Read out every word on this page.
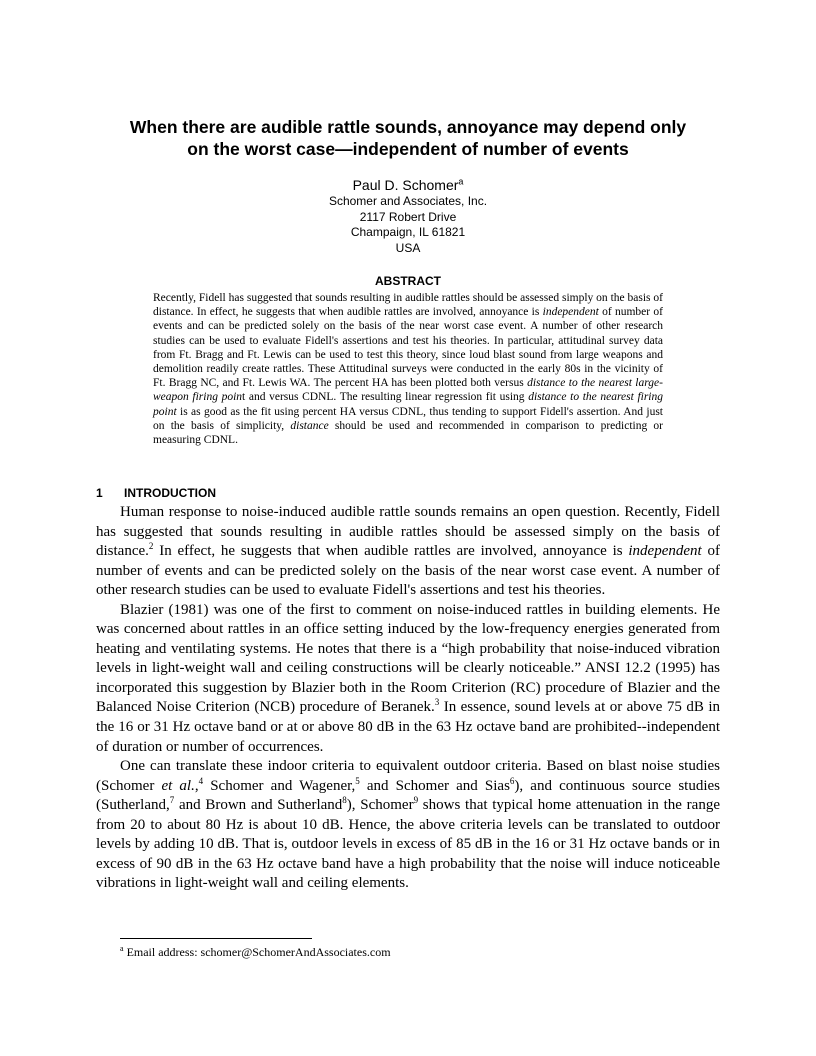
When there are audible rattle sounds, annoyance may depend only
on the worst case—independent of number of events

Paul D. Schomer$^a$

Schomer and Associates, Inc.

2117 Robert Drive

Champaign, IL 61821

USA

ABSTRACT

Recently, Fidell has suggested that sounds resulting in audible rattles should be assessed simply on the basis of distance. In effect, he suggests that when audible rattles are involved, annoyance is independent of number of events and can be predicted solely on the basis of the near worst case event. A number of other research studies can be used to evaluate Fidell's assertions and test his theories. In particular, attitudinal survey data from Ft. Bragg and Ft. Lewis can be used to test this theory, since loud blast sound from large weapons and demolition readily create rattles. These Attitudinal surveys were conducted in the early 80s in the vicinity of Ft. Bragg NC, and Ft. Lewis WA. The percent HA has been plotted both versus distance to the nearest large-weapon firing point and versus CDNL. The resulting linear regression fit using distance to the nearest firing point is as good as the fit using percent HA versus CDNL, thus tending to support Fidell's assertion. And just on the basis of simplicity, distance should be used and recommended in comparison to predicting or measuring CDNL.

1 INTRODUCTION

Human response to noise-induced audible rattle sounds remains an open question. Recently, Fidell has suggested that sounds resulting in audible rattles should be assessed simply on the basis of distance.$^2$ In effect, he suggests that when audible rattles are involved, annoyance is independent of number of events and can be predicted solely on the basis of the near worst case event. A number of other research studies can be used to evaluate Fidell's assertions and test his theories.

Blazier (1981) was one of the first to comment on noise-induced rattles in building elements. He was concerned about rattles in an office setting induced by the low-frequency energies generated from heating and ventilating systems. He notes that there is a “high probability that noise-induced vibration levels in light-weight wall and ceiling constructions will be clearly noticeable.” ANSI 12.2 (1995) has incorporated this suggestion by Blazier both in the Room Criterion (RC) procedure of Blazier and the Balanced Noise Criterion (NCB) procedure of Beranek.$^3$ In essence, sound levels at or above 75 dB in the 16 or 31 Hz octave band or at or above 80 dB in the 63 Hz octave band are prohibited--independent of duration or number of occurrences.

One can translate these indoor criteria to equivalent outdoor criteria. Based on blast noise studies (Schomer et al.,$^4$ Schomer and Wagener,$^5$ and Schomer and Sias$^6$), and continuous source studies (Sutherland,$^7$ and Brown and Sutherland$^8$), Schomer$^9$ shows that typical home attenuation in the range from 20 to about 80 Hz is about 10 dB. Hence, the above criteria levels can be translated to outdoor levels by adding 10 dB. That is, outdoor levels in excess of 85 dB in the 16 or 31 Hz octave bands or in excess of 90 dB in the 63 Hz octave band have a high probability that the noise will induce noticeable vibrations in light-weight wall and ceiling elements.

$^a$ Email address: schomer@SchomerAndAssociates.com
